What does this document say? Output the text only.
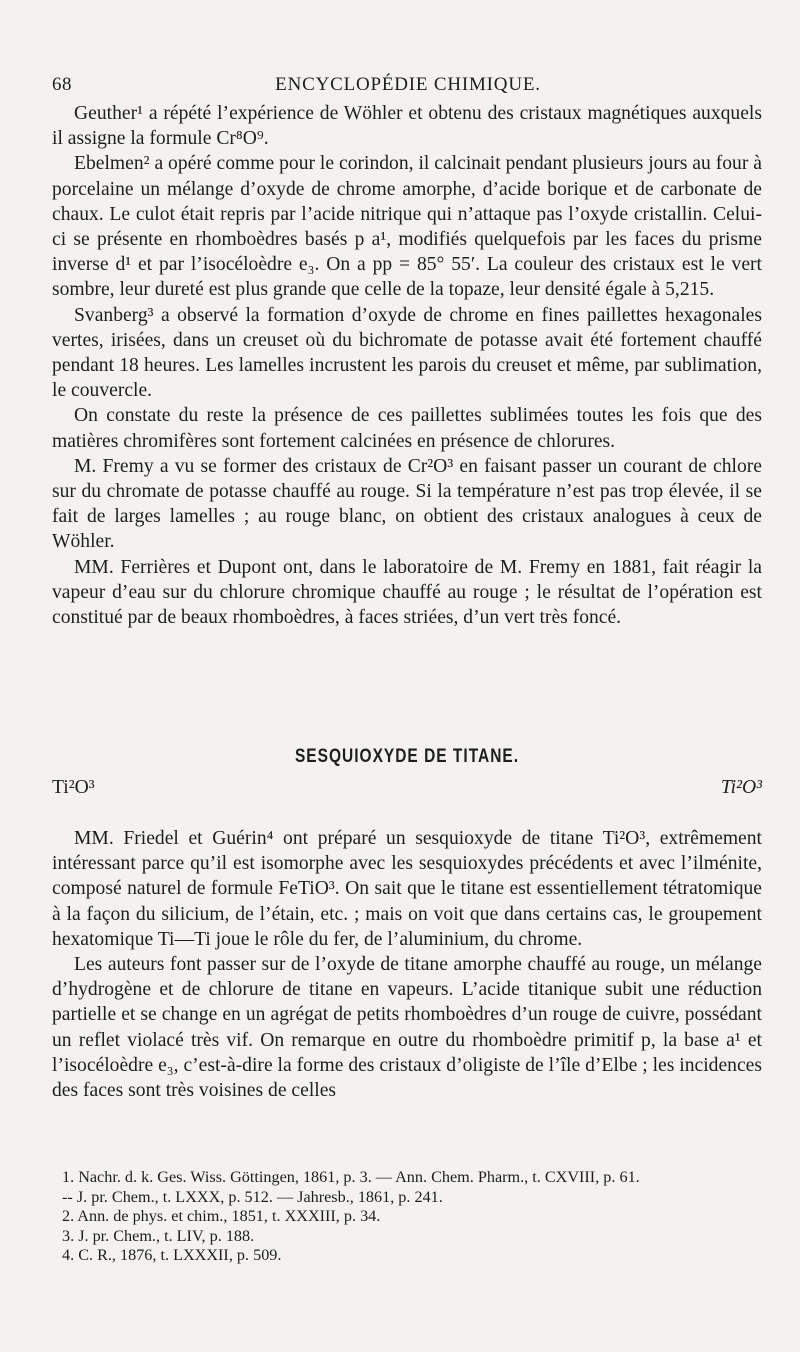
68	ENCYCLOPÉDIE CHIMIQUE.

Geuther¹ a répété l’expérience de Wöhler et obtenu des cristaux magnétiques auxquels il assigne la formule Cr⁸O⁹.

Ebelmen² a opéré comme pour le corindon, il calcinait pendant plusieurs jours au four à porcelaine un mélange d’oxyde de chrome amorphe, d’acide borique et de carbonate de chaux. Le culot était repris par l’acide nitrique qui n’attaque pas l’oxyde cristallin. Celui-ci se présente en rhomboèdres basés p a¹, modifiés quelquefois par les faces du prisme inverse d¹ et par l’isocéloèdre e₃. On a pp = 85° 55′. La couleur des cristaux est le vert sombre, leur dureté est plus grande que celle de la topaze, leur densité égale à 5,215.

Svanberg³ a observé la formation d’oxyde de chrome en fines paillettes hexagonales vertes, irisées, dans un creuset où du bichromate de potasse avait été fortement chauffé pendant 18 heures. Les lamelles incrustent les parois du creuset et même, par sublimation, le couvercle.

On constate du reste la présence de ces paillettes sublimées toutes les fois que des matières chromifères sont fortement calcinées en présence de chlorures.

M. Fremy a vu se former des cristaux de Cr²O³ en faisant passer un courant de chlore sur du chromate de potasse chauffé au rouge. Si la température n’est pas trop élevée, il se fait de larges lamelles ; au rouge blanc, on obtient des cristaux analogues à ceux de Wöhler.

MM. Ferrières et Dupont ont, dans le laboratoire de M. Fremy en 1881, fait réagir la vapeur d’eau sur du chlorure chromique chauffé au rouge ; le résultat de l’opération est constitué par de beaux rhomboèdres, à faces striées, d’un vert très foncé.

SESQUIOXYDE DE TITANE.
Ti²O³	Ti²O³

MM. Friedel et Guérin⁴ ont préparé un sesquioxyde de titane Ti²O³, extrêmement intéressant parce qu’il est isomorphe avec les sesquioxydes précédents et avec l’ilménite, composé naturel de formule FeTiO³. On sait que le titane est essentiellement tétratomique à la façon du silicium, de l’étain, etc. ; mais on voit que dans certains cas, le groupement hexatomique Ti—Ti joue le rôle du fer, de l’aluminium, du chrome.

Les auteurs font passer sur de l’oxyde de titane amorphe chauffé au rouge, un mélange d’hydrogène et de chlorure de titane en vapeurs. L’acide titanique subit une réduction partielle et se change en un agrégat de petits rhomboèdres d’un rouge de cuivre, possédant un reflet violacé très vif. On remarque en outre du rhomboèdre primitif p, la base a¹ et l’isocéloèdre e₃, c’est-à-dire la forme des cristaux d’oligiste de l’île d’Elbe ; les incidences des faces sont très voisines de celles

1. Nachr. d. k. Ges. Wiss. Göttingen, 1861, p. 3. — Ann. Chem. Pharm., t. CXVIII, p. 61.

-- J. pr. Chem., t. LXXX, p. 512. — Jahresb., 1861, p. 241.

2. Ann. de phys. et chim., 1851, t. XXXIII, p. 34.

3. J. pr. Chem., t. LIV, p. 188.

4. C. R., 1876, t. LXXXII, p. 509.
